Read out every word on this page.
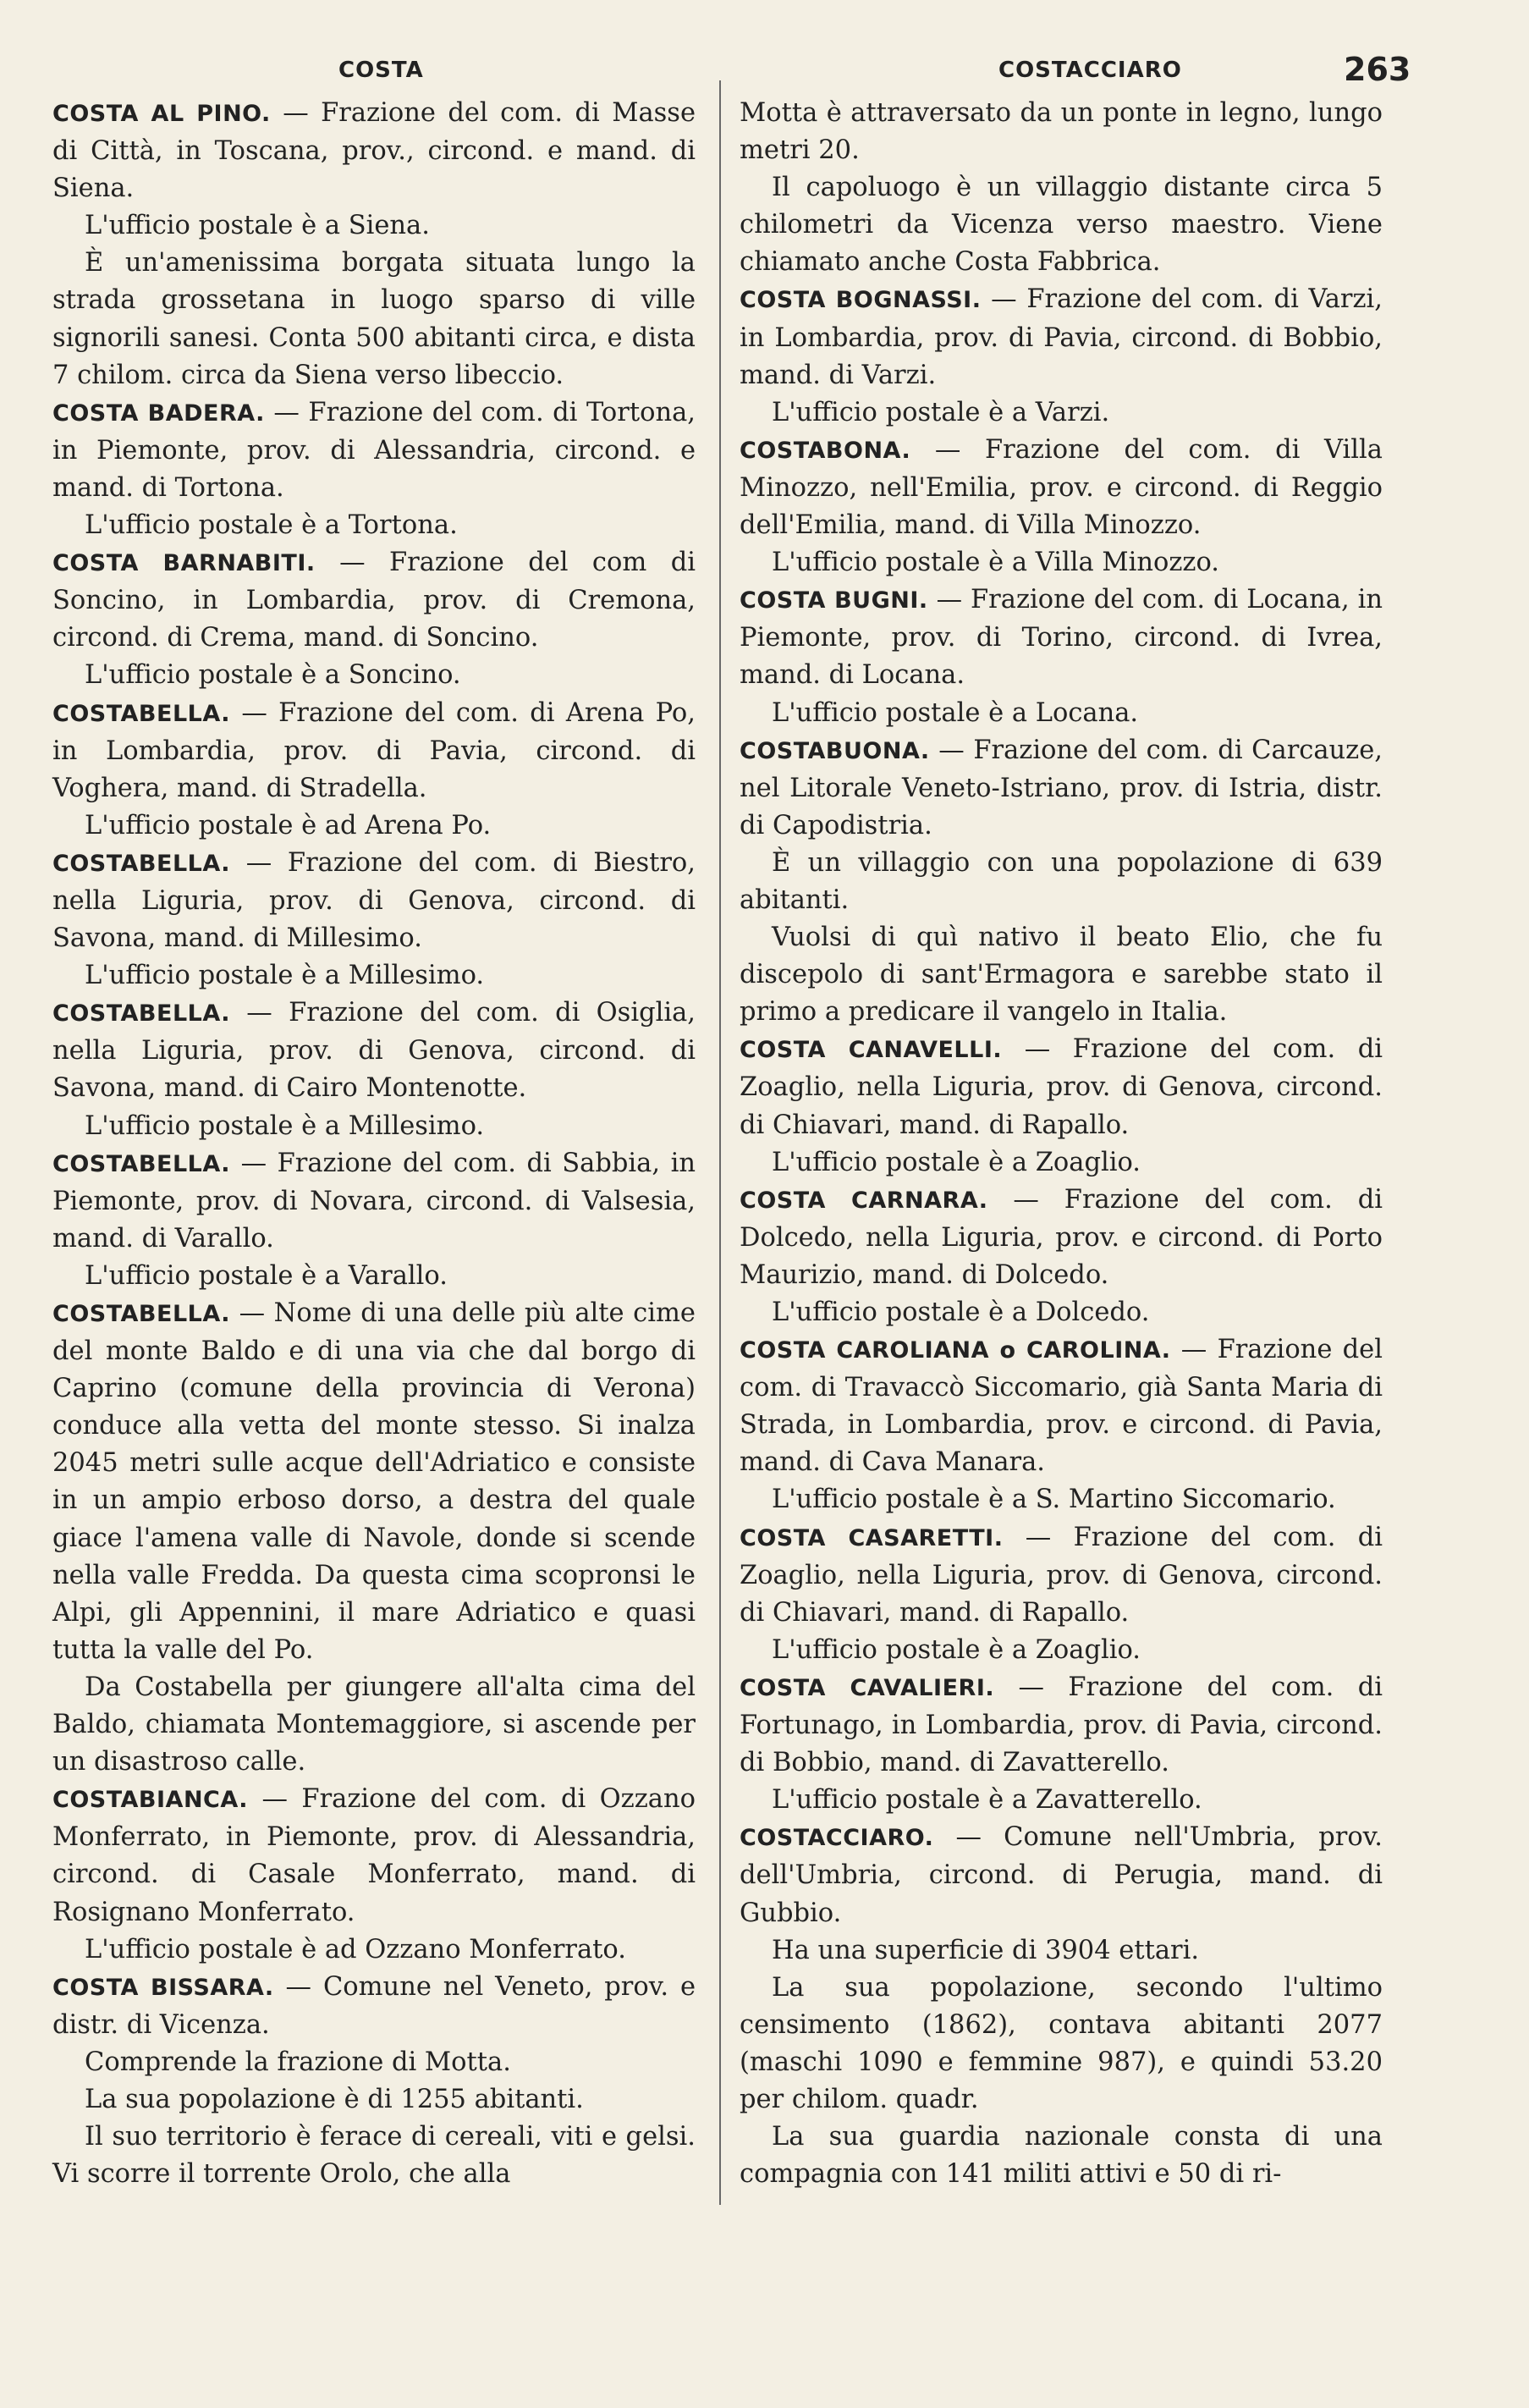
COSTA	COSTACCIARO	263

COSTA AL PINO. — Frazione del com. di Masse di Città, in Toscana, prov., circond. e mand. di Siena.

L'ufficio postale è a Siena.

È un'amenissima borgata situata lungo la strada grossetana in luogo sparso di ville signorili sanesi. Conta 500 abitanti circa, e dista 7 chilom. circa da Siena verso libeccio.

COSTA BADERA. — Frazione del com. di Tortona, in Piemonte, prov. di Alessandria, circond. e mand. di Tortona.

L'ufficio postale è a Tortona.

COSTA BARNABITI. — Frazione del com di Soncino, in Lombardia, prov. di Cremona, circond. di Crema, mand. di Soncino.

L'ufficio postale è a Soncino.

COSTABELLA. — Frazione del com. di Arena Po, in Lombardia, prov. di Pavia, circond. di Voghera, mand. di Stradella.

L'ufficio postale è ad Arena Po.

COSTABELLA. — Frazione del com. di Biestro, nella Liguria, prov. di Genova, circond. di Savona, mand. di Millesimo.

L'ufficio postale è a Millesimo.

COSTABELLA. — Frazione del com. di Osiglia, nella Liguria, prov. di Genova, circond. di Savona, mand. di Cairo Montenotte.

L'ufficio postale è a Millesimo.

COSTABELLA. — Frazione del com. di Sabbia, in Piemonte, prov. di Novara, circond. di Valsesia, mand. di Varallo.

L'ufficio postale è a Varallo.

COSTABELLA. — Nome di una delle più alte cime del monte Baldo e di una via che dal borgo di Caprino (comune della provincia di Verona) conduce alla vetta del monte stesso. Si inalza 2045 metri sulle acque dell'Adriatico e consiste in un ampio erboso dorso, a destra del quale giace l'amena valle di Navole, donde si scende nella valle Fredda. Da questa cima scopronsi le Alpi, gli Appennini, il mare Adriatico e quasi tutta la valle del Po.

Da Costabella per giungere all'alta cima del Baldo, chiamata Montemaggiore, si ascende per un disastroso calle.

COSTABIANCA. — Frazione del com. di Ozzano Monferrato, in Piemonte, prov. di Alessandria, circond. di Casale Monferrato, mand. di Rosignano Monferrato.

L'ufficio postale è ad Ozzano Monferrato.

COSTA BISSARA. — Comune nel Veneto, prov. e distr. di Vicenza.

Comprende la frazione di Motta.

La sua popolazione è di 1255 abitanti.

Il suo territorio è ferace di cereali, viti e gelsi. Vi scorre il torrente Orolo, che alla

Motta è attraversato da un ponte in legno, lungo metri 20.

Il capoluogo è un villaggio distante circa 5 chilometri da Vicenza verso maestro. Viene chiamato anche Costa Fabbrica.

COSTA BOGNASSI. — Frazione del com. di Varzi, in Lombardia, prov. di Pavia, circond. di Bobbio, mand. di Varzi.

L'ufficio postale è a Varzi.

COSTABONA. — Frazione del com. di Villa Minozzo, nell'Emilia, prov. e circond. di Reggio dell'Emilia, mand. di Villa Minozzo.

L'ufficio postale è a Villa Minozzo.

COSTA BUGNI. — Frazione del com. di Locana, in Piemonte, prov. di Torino, circond. di Ivrea, mand. di Locana.

L'ufficio postale è a Locana.

COSTABUONA. — Frazione del com. di Carcauze, nel Litorale Veneto-Istriano, prov. di Istria, distr. di Capodistria.

È un villaggio con una popolazione di 639 abitanti.

Vuolsi di quì nativo il beato Elio, che fu discepolo di sant'Ermagora e sarebbe stato il primo a predicare il vangelo in Italia.

COSTA CANAVELLI. — Frazione del com. di Zoaglio, nella Liguria, prov. di Genova, circond. di Chiavari, mand. di Rapallo.

L'ufficio postale è a Zoaglio.

COSTA CARNARA. — Frazione del com. di Dolcedo, nella Liguria, prov. e circond. di Porto Maurizio, mand. di Dolcedo.

L'ufficio postale è a Dolcedo.

COSTA CAROLIANA o CAROLINA. — Frazione del com. di Travaccò Siccomario, già Santa Maria di Strada, in Lombardia, prov. e circond. di Pavia, mand. di Cava Manara.

L'ufficio postale è a S. Martino Siccomario.

COSTA CASARETTI. — Frazione del com. di Zoaglio, nella Liguria, prov. di Genova, circond. di Chiavari, mand. di Rapallo.

L'ufficio postale è a Zoaglio.

COSTA CAVALIERI. — Frazione del com. di Fortunago, in Lombardia, prov. di Pavia, circond. di Bobbio, mand. di Zavatterello.

L'ufficio postale è a Zavatterello.

COSTACCIARO. — Comune nell'Umbria, prov. dell'Umbria, circond. di Perugia, mand. di Gubbio.

Ha una superficie di 3904 ettari.

La sua popolazione, secondo l'ultimo censimento (1862), contava abitanti 2077 (maschi 1090 e femmine 987), e quindi 53.20 per chilom. quadr.

La sua guardia nazionale consta di una compagnia con 141 militi attivi e 50 di ri-
